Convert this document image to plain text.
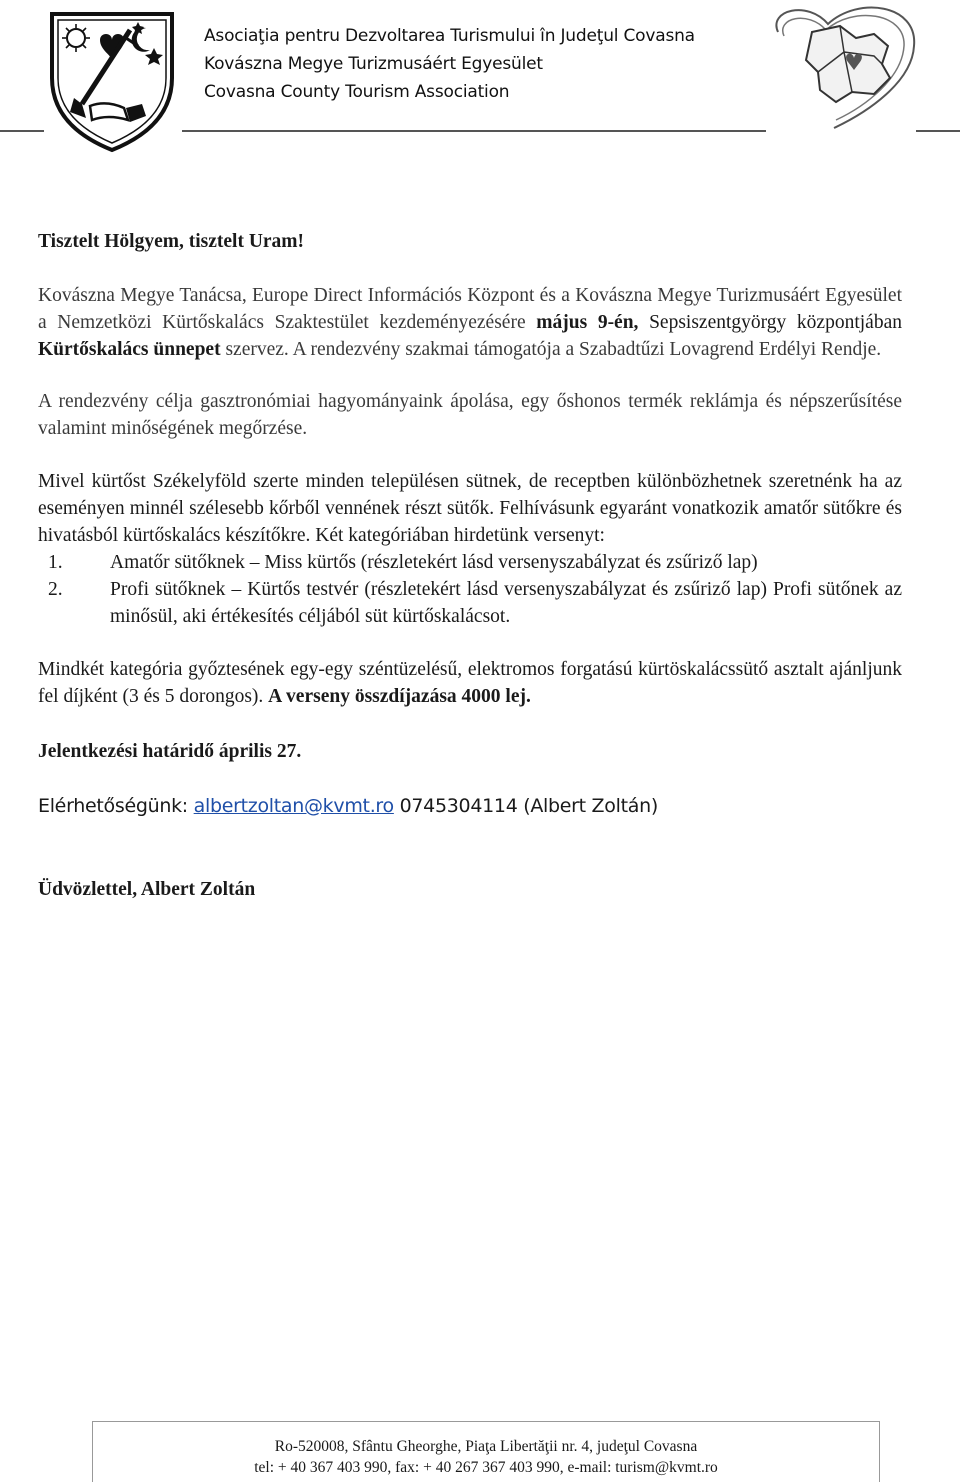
Asociaţia pentru Dezvoltarea Turismului în Judeţul Covasna
Kovászna Megye Turizmusáért Egyesület
Covasna County Tourism Association

Tisztelt Hölgyem, tisztelt Uram!

Kovászna Megye Tanácsa, Europe Direct Információs Központ és a Kovászna Megye Turizmusáért Egyesület a Nemzetközi Kürtőskalács Szaktestület kezdeményezésére május 9-én, Sepsiszentgyörgy központjában Kürtőskalács ünnepet szervez. A rendezvény szakmai támogatója a Szabadtűzi Lovagrend Erdélyi Rendje.

A rendezvény célja gasztronómiai hagyományaink ápolása, egy őshonos termék reklámja és népszerűsítése valamint minőségének megőrzése.

Mivel kürtőst Székelyföld szerte minden településen sütnek, de receptben különbözhetnek szeretnénk ha az eseményen minnél szélesebb kőrből vennének részt sütők. Felhívásunk egyaránt vonatkozik amatőr sütőkre és hivatásból kürtőskalács készítőkre. Két kategóriában hirdetünk versenyt:

1. Amatőr sütőknek – Miss kürtős (részletekért lásd versenyszabályzat és zsűriző lap)
2. Profi sütőknek – Kürtős testvér (részletekért lásd versenyszabályzat és zsűriző lap) Profi sütőnek az minősül, aki értékesítés céljából süt kürtőskalácsot.

Mindkét kategória győztesének egy-egy széntüzelésű, elektromos forgatású kürtöskalácssütő asztalt ajánljunk fel díjként (3 és 5 dorongos). A verseny összdíjazása 4000 lej.

Jelentkezési határidő április 27.

Elérhetőségünk: albertzoltan@kvmt.ro 0745304114 (Albert Zoltán)

Üdvözlettel, Albert Zoltán

Ro-520008, Sfântu Gheorghe, Piaţa Libertăţii nr. 4, judeţul Covasna
tel: + 40 367 403 990, fax: + 40 267 367 403 990, e-mail: turism@kvmt.ro
